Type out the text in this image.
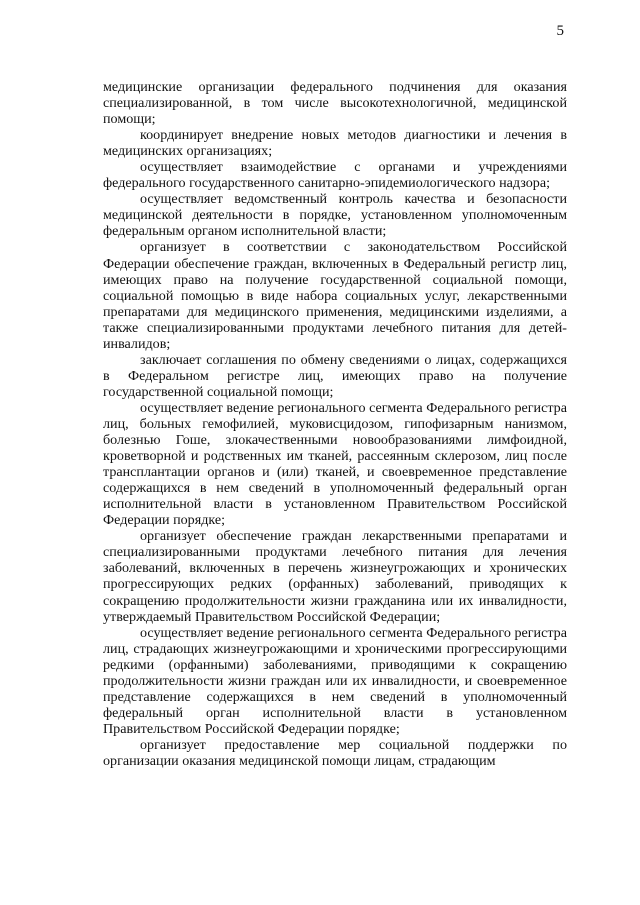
5

медицинские организации федерального подчинения для оказания специализированной, в том числе высокотехнологичной, медицинской помощи;

координирует внедрение новых методов диагностики и лечения в медицинских организациях;

осуществляет взаимодействие с органами и учреждениями федерального государственного санитарно-эпидемиологического надзора;

осуществляет ведомственный контроль качества и безопасности медицинской деятельности в порядке, установленном уполномоченным федеральным органом исполнительной власти;

организует в соответствии с законодательством Российской Федерации обеспечение граждан, включенных в Федеральный регистр лиц, имеющих право на получение государственной социальной помощи, социальной помощью в виде набора социальных услуг, лекарственными препаратами для медицинского применения, медицинскими изделиями, а также специализированными продуктами лечебного питания для детей-инвалидов;

заключает соглашения по обмену сведениями о лицах, содержащихся в Федеральном регистре лиц, имеющих право на получение государственной социальной помощи;

осуществляет ведение регионального сегмента Федерального регистра лиц, больных гемофилией, муковисцидозом, гипофизарным нанизмом, болезнью Гоше, злокачественными новообразованиями лимфоидной, кроветворной и родственных им тканей, рассеянным склерозом, лиц после трансплантации органов и (или) тканей, и своевременное представление содержащихся в нем сведений в уполномоченный федеральный орган исполнительной власти в установленном Правительством Российской Федерации порядке;

организует обеспечение граждан лекарственными препаратами и специализированными продуктами лечебного питания для лечения заболеваний, включенных в перечень жизнеугрожающих и хронических прогрессирующих редких (орфанных) заболеваний, приводящих к сокращению продолжительности жизни гражданина или их инвалидности, утверждаемый Правительством Российской Федерации;

осуществляет ведение регионального сегмента Федерального регистра лиц, страдающих жизнеугрожающими и хроническими прогрессирующими редкими (орфанными) заболеваниями, приводящими к сокращению продолжительности жизни граждан или их инвалидности, и своевременное представление содержащихся в нем сведений в уполномоченный федеральный орган исполнительной власти в установленном Правительством Российской Федерации порядке;

организует предоставление мер социальной поддержки по организации оказания медицинской помощи лицам, страдающим
